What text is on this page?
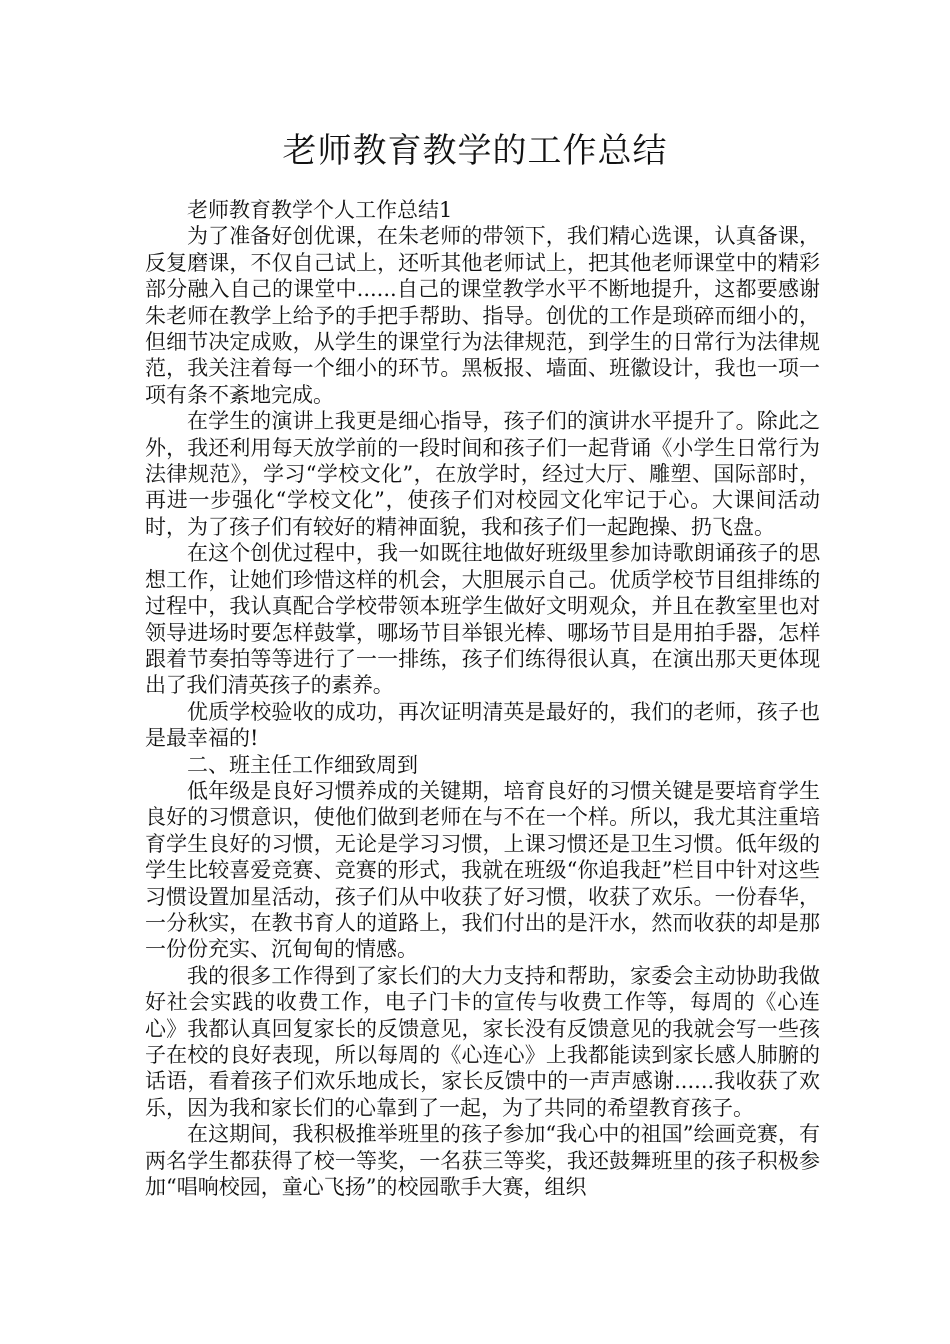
老师教育教学的工作总结

老师教育教学个人工作总结1

为了准备好创优课，在朱老师的带领下，我们精心选课，认真备课，反复磨课，不仅自己试上，还听其他老师试上，把其他老师课堂中的精彩部分融入自己的课堂中......自己的课堂教学水平不断地提升，这都要感谢朱老师在教学上给予的手把手帮助、指导。创优的工作是琐碎而细小的，但细节决定成败，从学生的课堂行为法律规范，到学生的日常行为法律规范，我关注着每一个细小的环节。黑板报、墙面、班徽设计，我也一项一项有条不紊地完成。

在学生的演讲上我更是细心指导，孩子们的演讲水平提升了。除此之外，我还利用每天放学前的一段时间和孩子们一起背诵《小学生日常行为法律规范》，学习“学校文化”，在放学时，经过大厅、雕塑、国际部时，再进一步强化“学校文化”，使孩子们对校园文化牢记于心。大课间活动时，为了孩子们有较好的精神面貌，我和孩子们一起跑操、扔飞盘。

在这个创优过程中，我一如既往地做好班级里参加诗歌朗诵孩子的思想工作，让她们珍惜这样的机会，大胆展示自己。优质学校节目组排练的过程中，我认真配合学校带领本班学生做好文明观众，并且在教室里也对领导进场时要怎样鼓掌，哪场节目举银光棒、哪场节目是用拍手器，怎样跟着节奏拍等等进行了一一排练，孩子们练得很认真，在演出那天更体现出了我们清英孩子的素养。

优质学校验收的成功，再次证明清英是最好的，我们的老师，孩子也是最幸福的!

二、班主任工作细致周到

低年级是良好习惯养成的关键期，培育良好的习惯关键是要培育学生良好的习惯意识，使他们做到老师在与不在一个样。所以，我尤其注重培育学生良好的习惯，无论是学习习惯，上课习惯还是卫生习惯。低年级的学生比较喜爱竞赛、竞赛的形式，我就在班级“你追我赶”栏目中针对这些习惯设置加星活动，孩子们从中收获了好习惯，收获了欢乐。一份春华，一分秋实，在教书育人的道路上，我们付出的是汗水，然而收获的却是那一份份充实、沉甸甸的情感。

我的很多工作得到了家长们的大力支持和帮助，家委会主动协助我做好社会实践的收费工作，电子门卡的宣传与收费工作等，每周的《心连心》我都认真回复家长的反馈意见，家长没有反馈意见的我就会写一些孩子在校的良好表现，所以每周的《心连心》上我都能读到家长感人肺腑的话语，看着孩子们欢乐地成长，家长反馈中的一声声感谢......我收获了欢乐，因为我和家长们的心靠到了一起，为了共同的希望教育孩子。

在这期间，我积极推举班里的孩子参加“我心中的祖国”绘画竞赛，有两名学生都获得了校一等奖，一名获三等奖，我还鼓舞班里的孩子积极参加“唱响校园，童心飞扬”的校园歌手大赛，组织
